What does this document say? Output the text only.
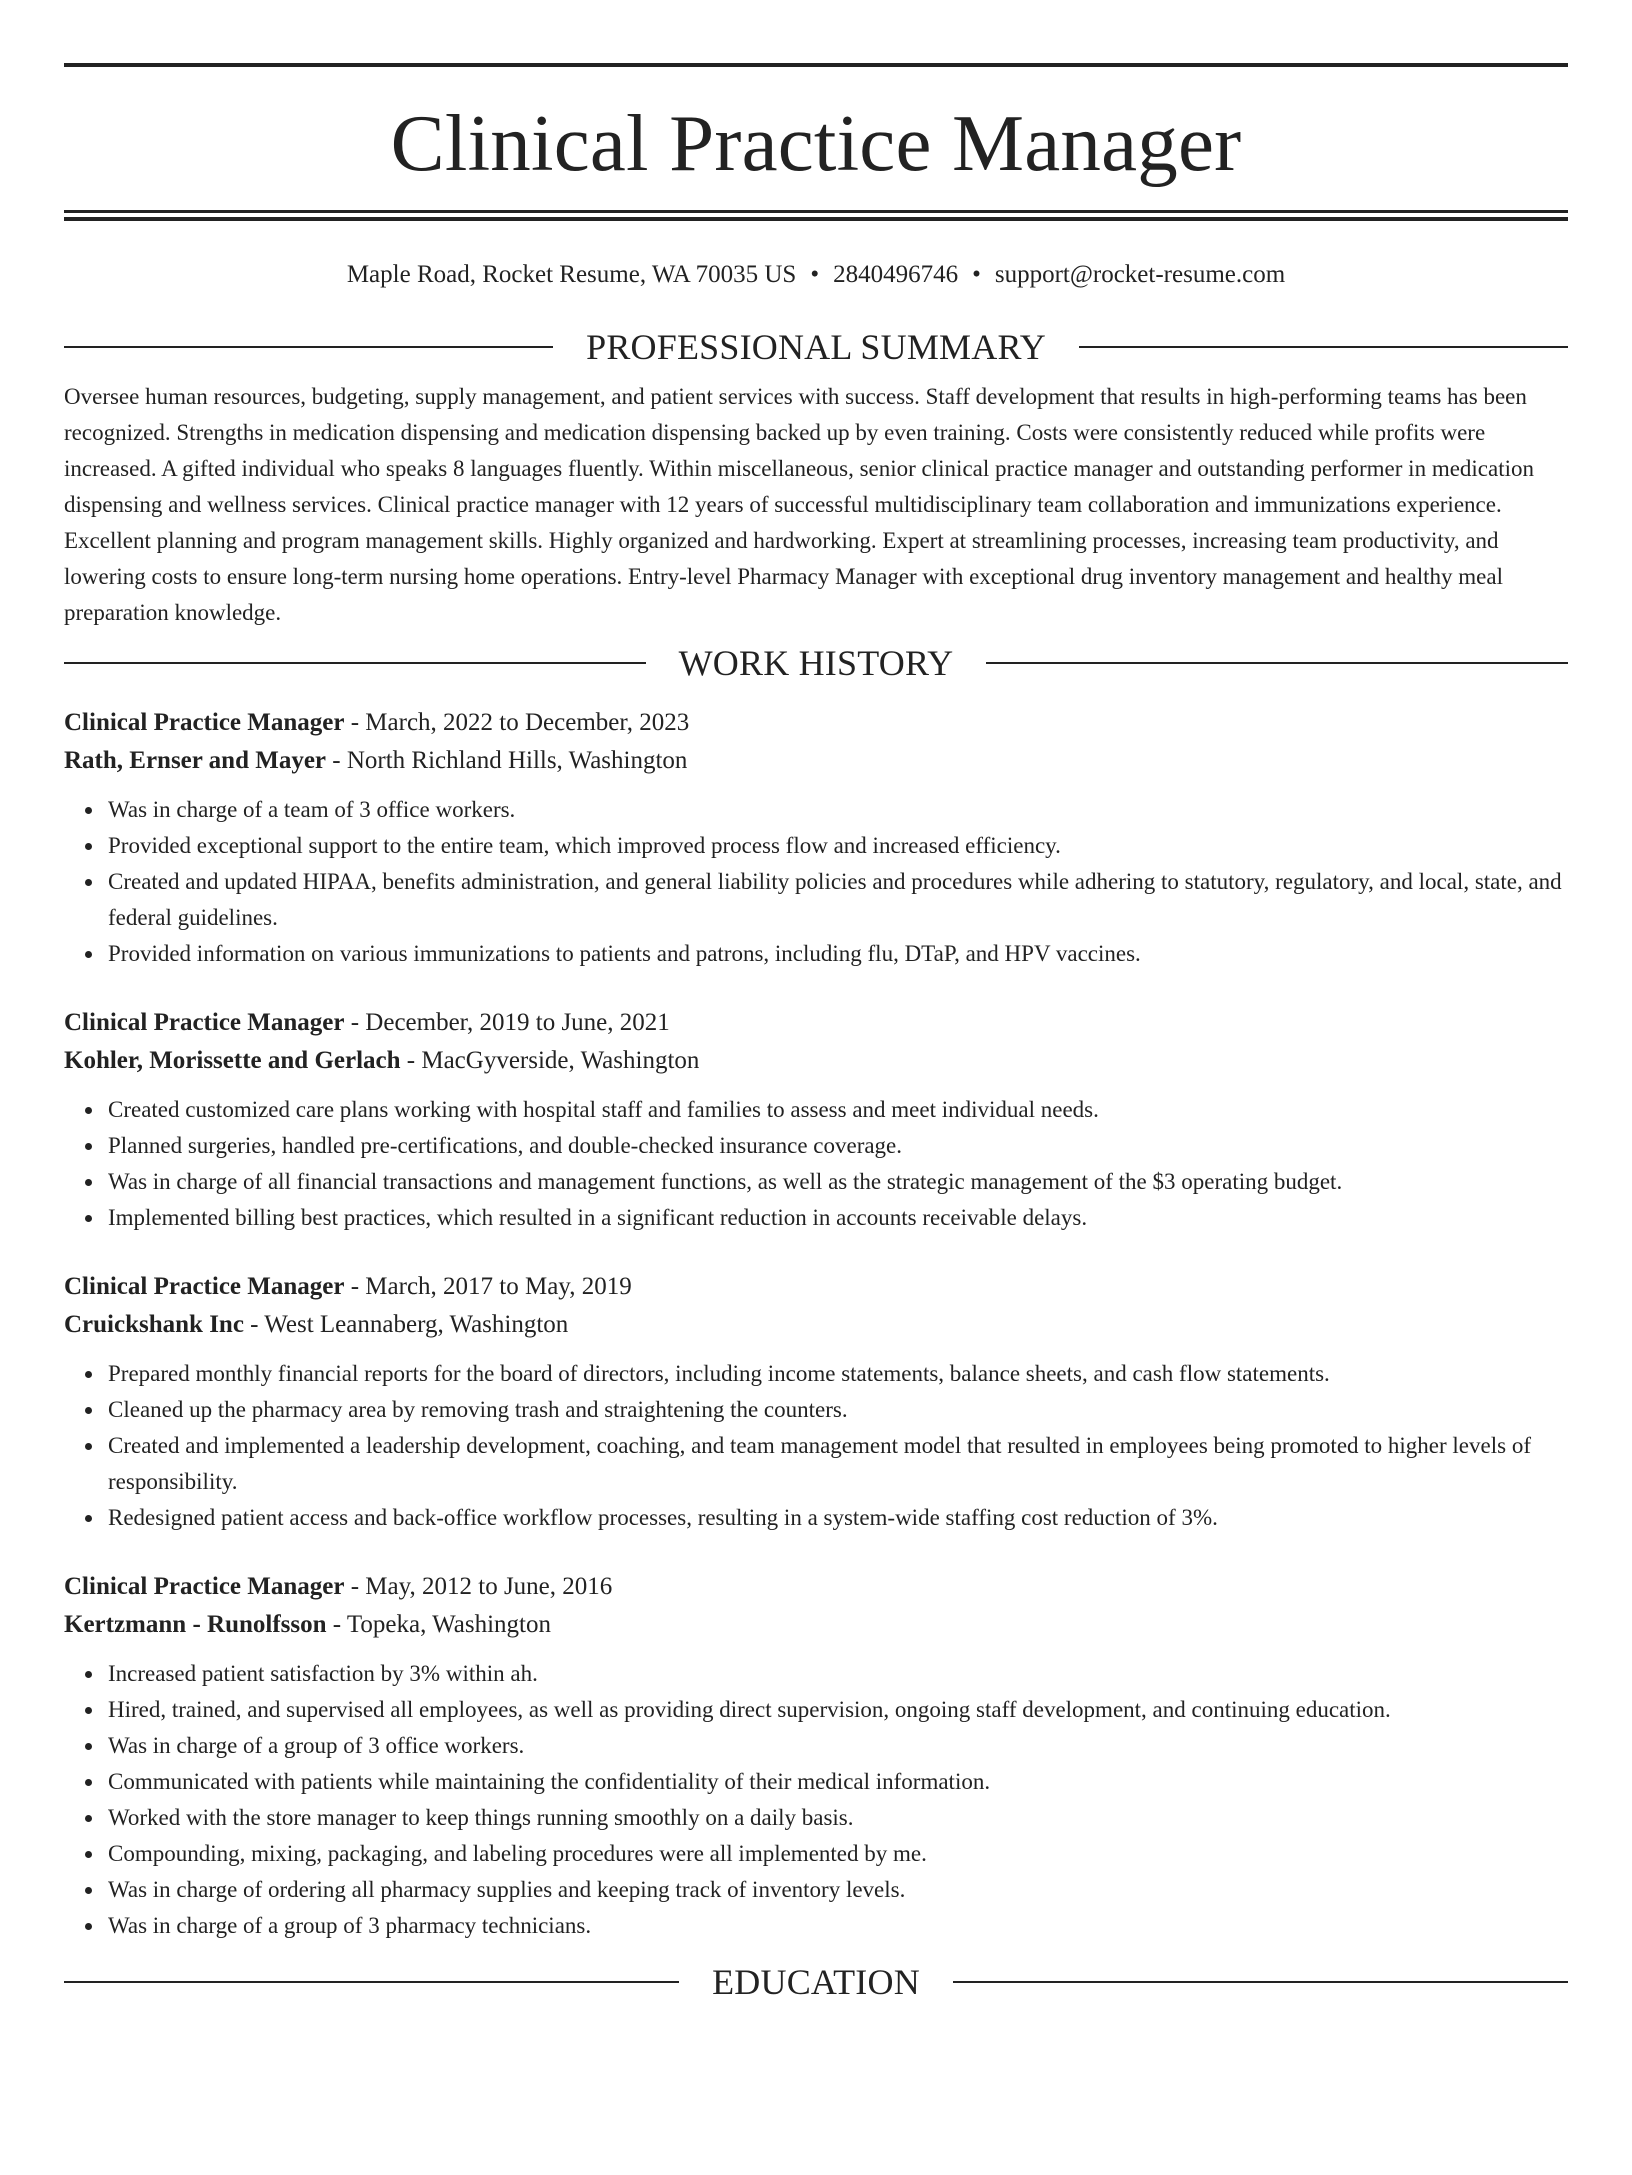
Clinical Practice Manager
Maple Road, Rocket Resume, WA 70035 US • 2840496746 • support@rocket-resume.com
PROFESSIONAL SUMMARY

Oversee human resources, budgeting, supply management, and patient services with success. Staff development that results in high-performing teams has been recognized. Strengths in medication dispensing and medication dispensing backed up by even training. Costs were consistently reduced while profits were increased. A gifted individual who speaks 8 languages fluently. Within miscellaneous, senior clinical practice manager and outstanding performer in medication dispensing and wellness services. Clinical practice manager with 12 years of successful multidisciplinary team collaboration and immunizations experience. Excellent planning and program management skills. Highly organized and hardworking. Expert at streamlining processes, increasing team productivity, and lowering costs to ensure long-term nursing home operations. Entry-level Pharmacy Manager with exceptional drug inventory management and healthy meal preparation knowledge.

WORK HISTORY
Clinical Practice Manager - March, 2022 to December, 2023
Rath, Ernser and Mayer - North Richland Hills, Washington
Was in charge of a team of 3 office workers.
Provided exceptional support to the entire team, which improved process flow and increased efficiency.
Created and updated HIPAA, benefits administration, and general liability policies and procedures while adhering to statutory, regulatory, and local, state, and federal guidelines.
Provided information on various immunizations to patients and patrons, including flu, DTaP, and HPV vaccines.
Clinical Practice Manager - December, 2019 to June, 2021
Kohler, Morissette and Gerlach - MacGyverside, Washington
Created customized care plans working with hospital staff and families to assess and meet individual needs.
Planned surgeries, handled pre-certifications, and double-checked insurance coverage.
Was in charge of all financial transactions and management functions, as well as the strategic management of the $3 operating budget.
Implemented billing best practices, which resulted in a significant reduction in accounts receivable delays.
Clinical Practice Manager - March, 2017 to May, 2019
Cruickshank Inc - West Leannaberg, Washington
Prepared monthly financial reports for the board of directors, including income statements, balance sheets, and cash flow statements.
Cleaned up the pharmacy area by removing trash and straightening the counters.
Created and implemented a leadership development, coaching, and team management model that resulted in employees being promoted to higher levels of responsibility.
Redesigned patient access and back-office workflow processes, resulting in a system-wide staffing cost reduction of 3%.
Clinical Practice Manager - May, 2012 to June, 2016
Kertzmann - Runolfsson - Topeka, Washington
Increased patient satisfaction by 3% within ah.
Hired, trained, and supervised all employees, as well as providing direct supervision, ongoing staff development, and continuing education.
Was in charge of a group of 3 office workers.
Communicated with patients while maintaining the confidentiality of their medical information.
Worked with the store manager to keep things running smoothly on a daily basis.
Compounding, mixing, packaging, and labeling procedures were all implemented by me.
Was in charge of ordering all pharmacy supplies and keeping track of inventory levels.
Was in charge of a group of 3 pharmacy technicians.
EDUCATION
